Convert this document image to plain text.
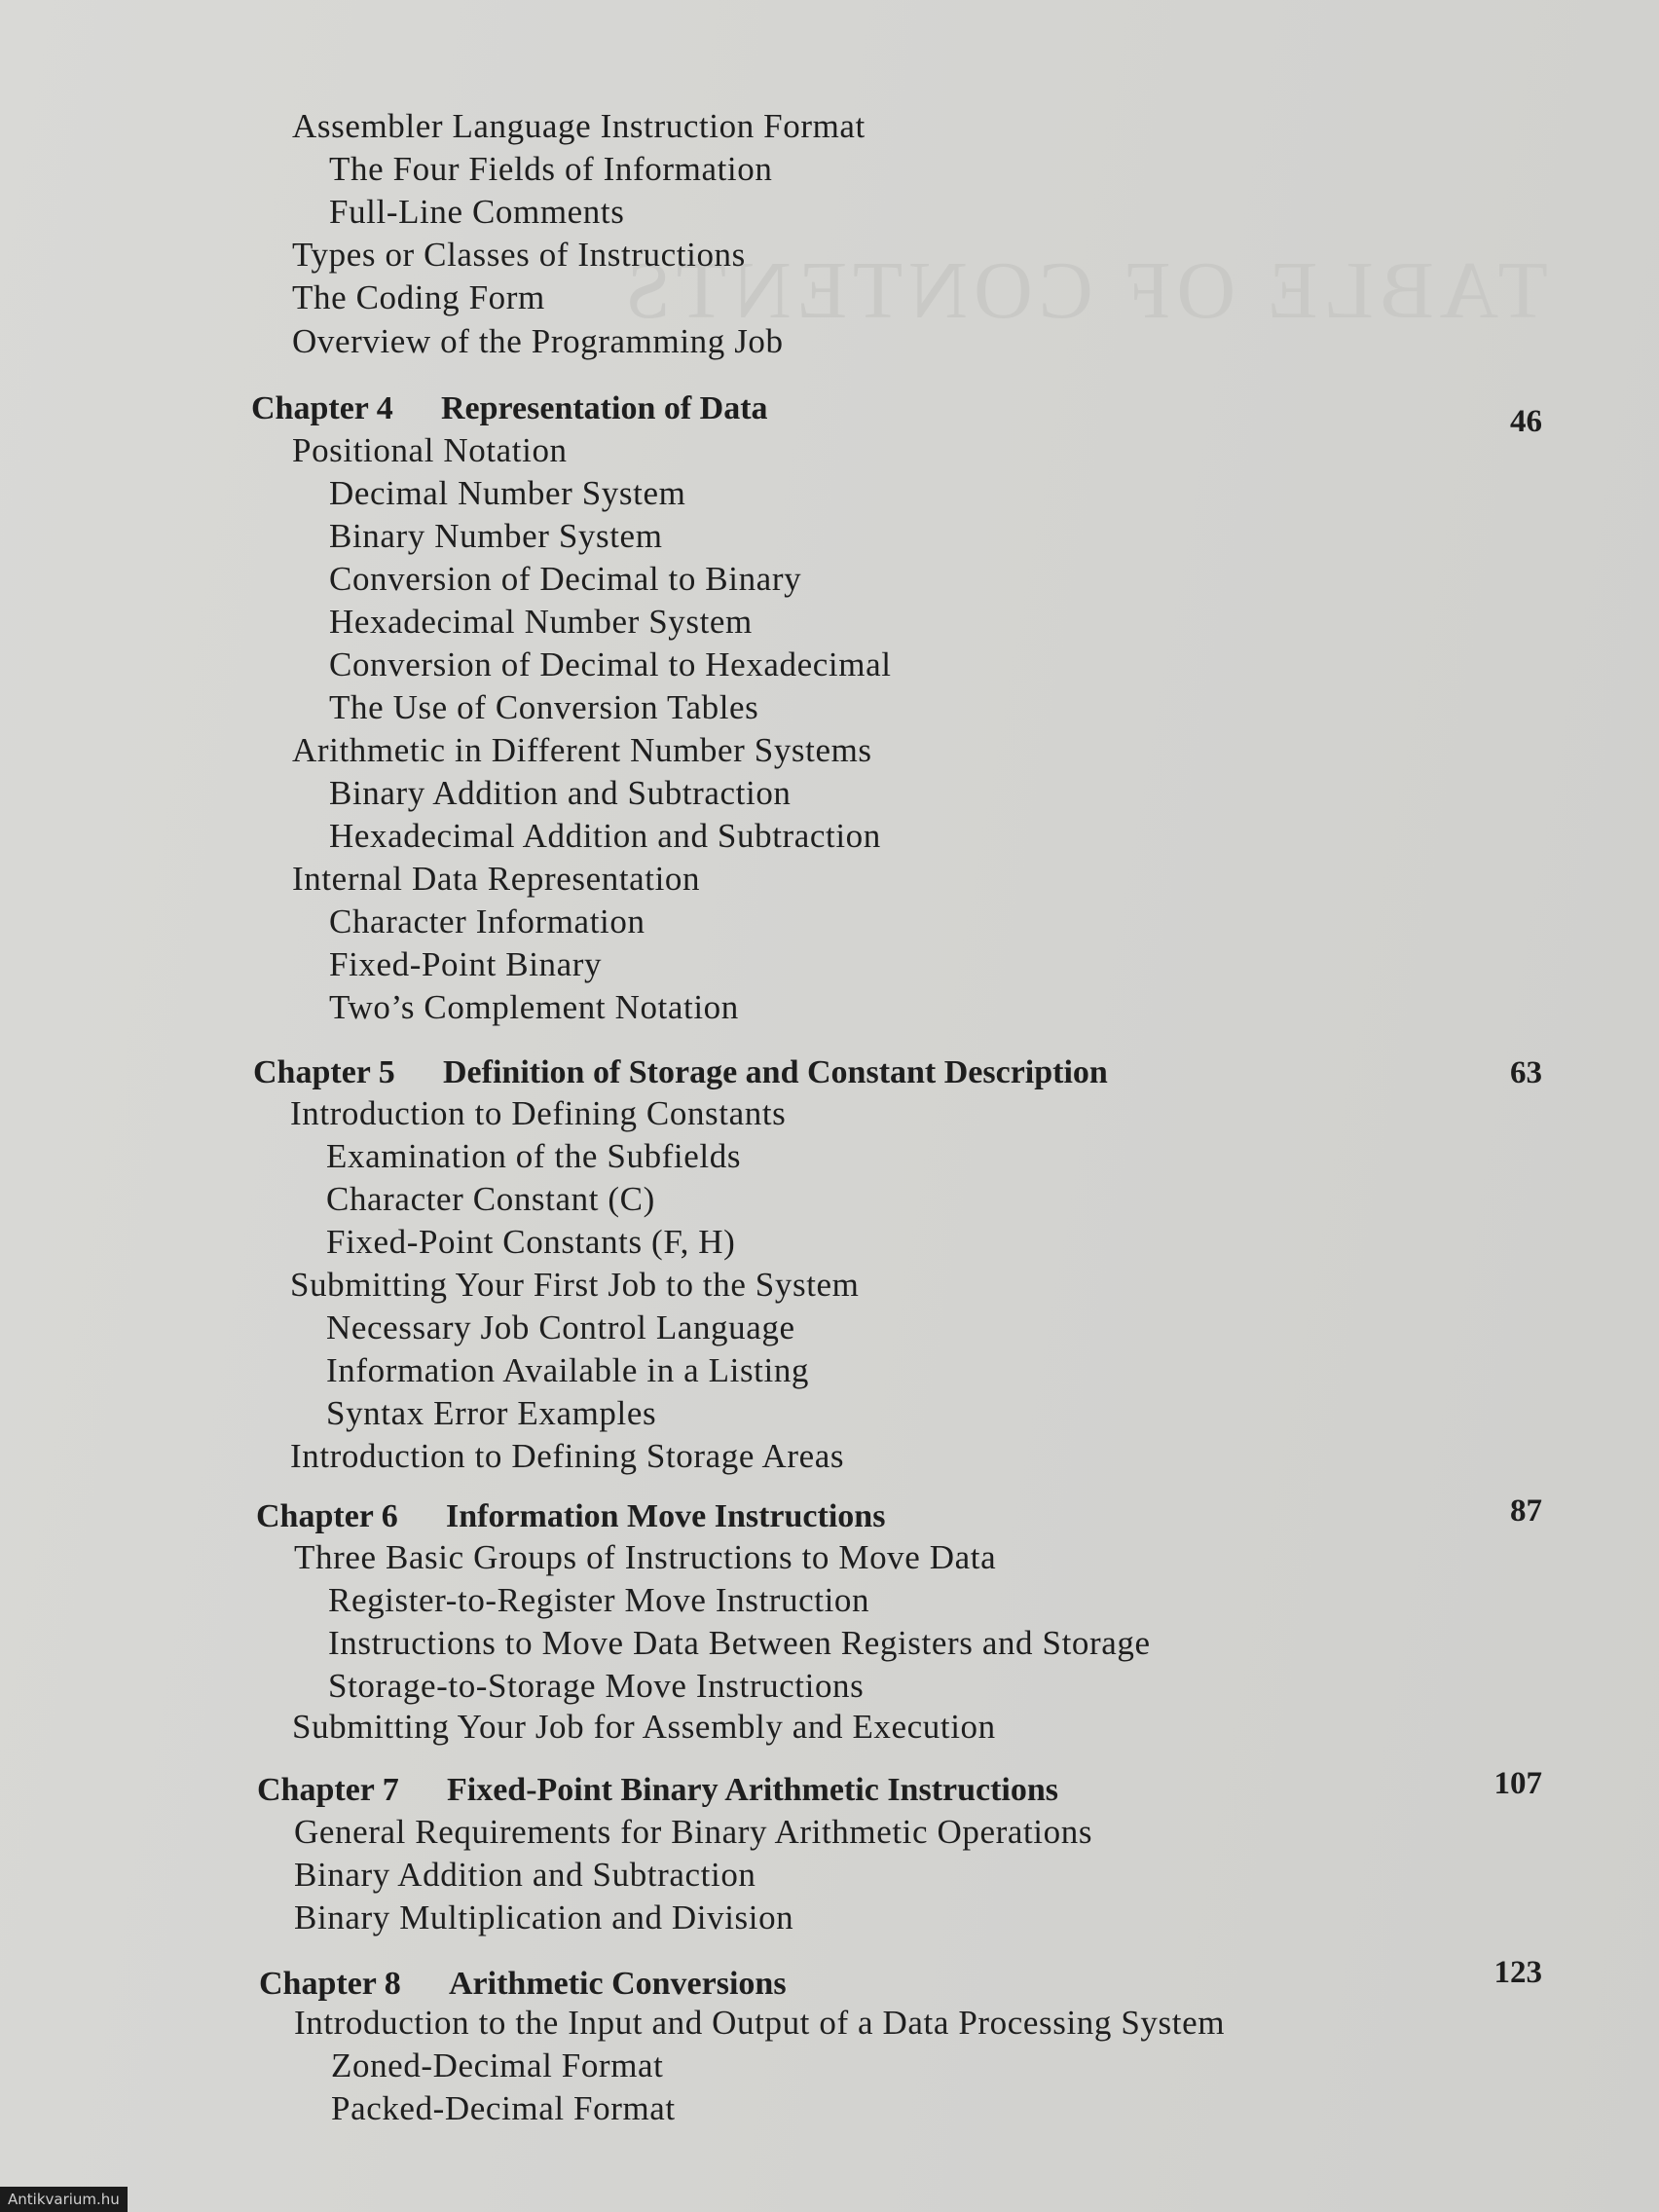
TABLE OF CONTENTS
Assembler Language Instruction Format
The Four Fields of Information
Full-Line Comments
Types or Classes of Instructions
The Coding Form
Overview of the Programming Job
Chapter 4 Representation of Data	46
Positional Notation
Decimal Number System
Binary Number System
Conversion of Decimal to Binary
Hexadecimal Number System
Conversion of Decimal to Hexadecimal
The Use of Conversion Tables
Arithmetic in Different Number Systems
Binary Addition and Subtraction
Hexadecimal Addition and Subtraction
Internal Data Representation
Character Information
Fixed-Point Binary
Two’s Complement Notation
Chapter 5 Definition of Storage and Constant Description	63
Introduction to Defining Constants
Examination of the Subfields
Character Constant (C)
Fixed-Point Constants (F, H)
Submitting Your First Job to the System
Necessary Job Control Language
Information Available in a Listing
Syntax Error Examples
Introduction to Defining Storage Areas
Chapter 6 Information Move Instructions	87
Three Basic Groups of Instructions to Move Data
Register-to-Register Move Instruction
Instructions to Move Data Between Registers and Storage
Storage-to-Storage Move Instructions
Submitting Your Job for Assembly and Execution
Chapter 7 Fixed-Point Binary Arithmetic Instructions	107
General Requirements for Binary Arithmetic Operations
Binary Addition and Subtraction
Binary Multiplication and Division
Chapter 8 Arithmetic Conversions	123
Introduction to the Input and Output of a Data Processing System
Zoned-Decimal Format
Packed-Decimal Format
Antikvarium.hu
